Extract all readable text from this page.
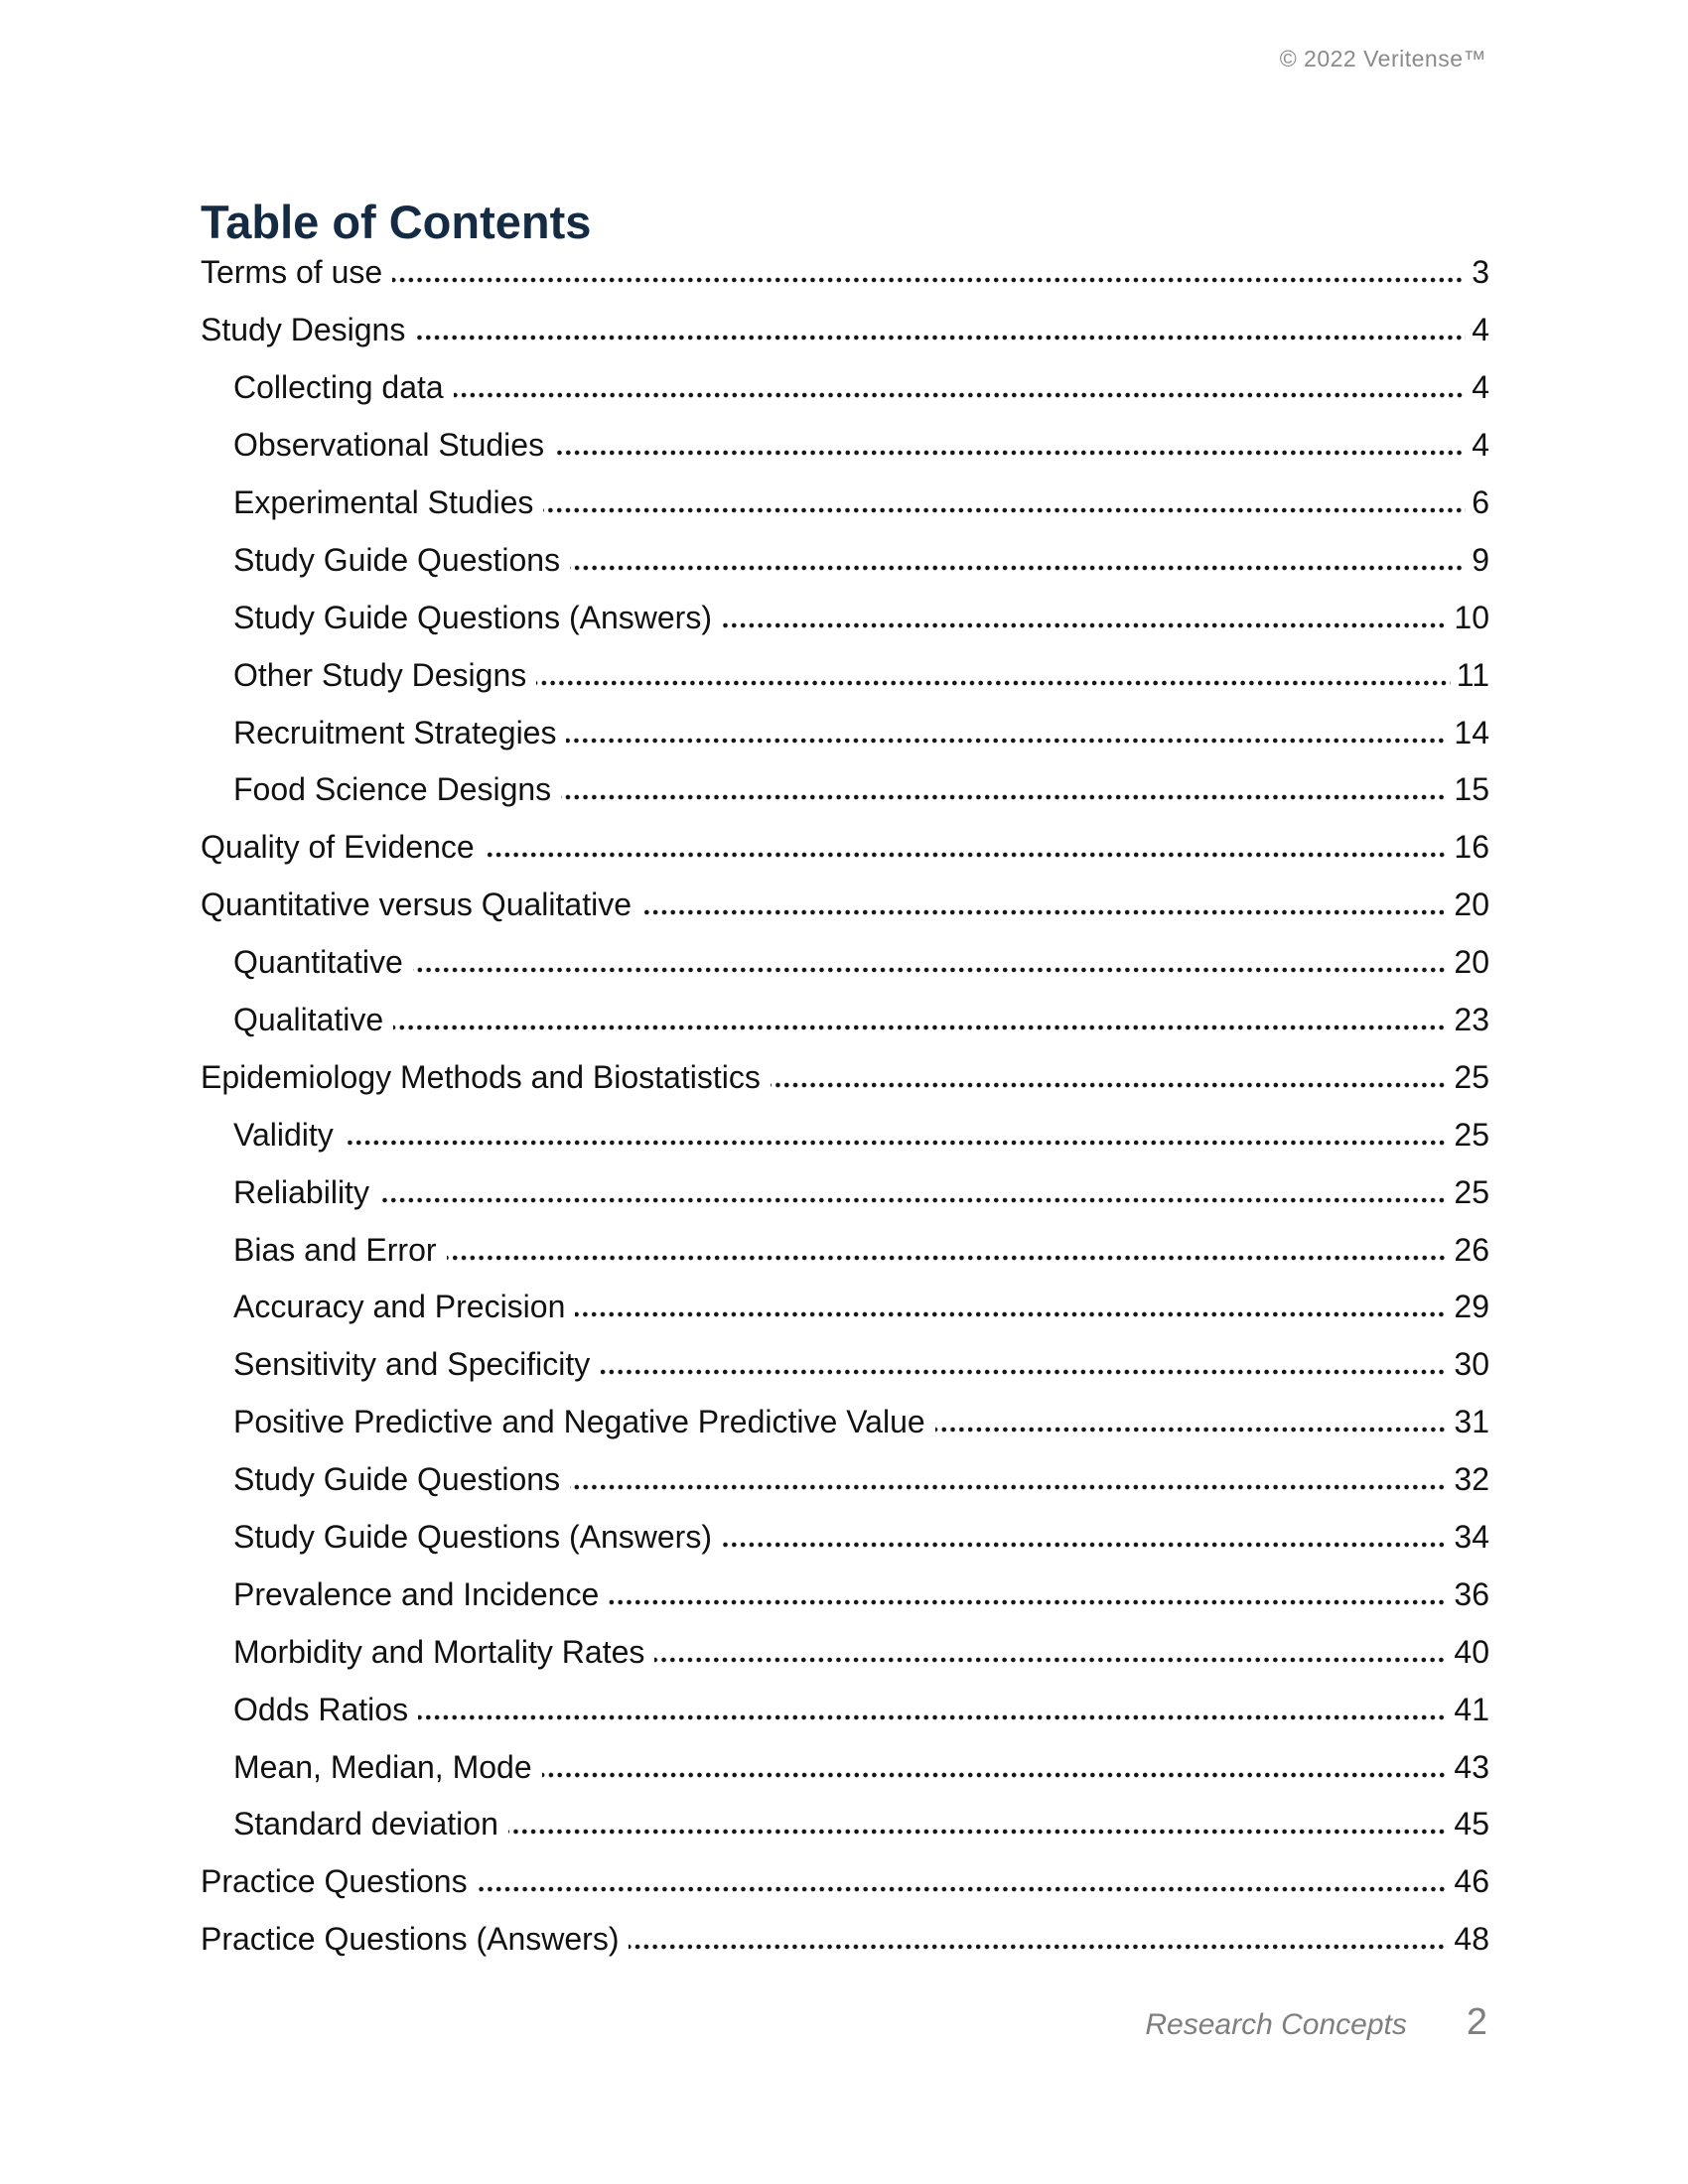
© 2022 Veritense™
Table of Contents
Terms of use	3
Study Designs	4
Collecting data	4
Observational Studies	4
Experimental Studies	6
Study Guide Questions	9
Study Guide Questions (Answers)	10
Other Study Designs	11
Recruitment Strategies	14
Food Science Designs	15
Quality of Evidence	16
Quantitative versus Qualitative	20
Quantitative	20
Qualitative	23
Epidemiology Methods and Biostatistics	25
Validity	25
Reliability	25
Bias and Error	26
Accuracy and Precision	29
Sensitivity and Specificity	30
Positive Predictive and Negative Predictive Value	31
Study Guide Questions	32
Study Guide Questions (Answers)	34
Prevalence and Incidence	36
Morbidity and Mortality Rates	40
Odds Ratios	41
Mean, Median, Mode	43
Standard deviation	45
Practice Questions	46
Practice Questions (Answers)	48
Research Concepts 2
